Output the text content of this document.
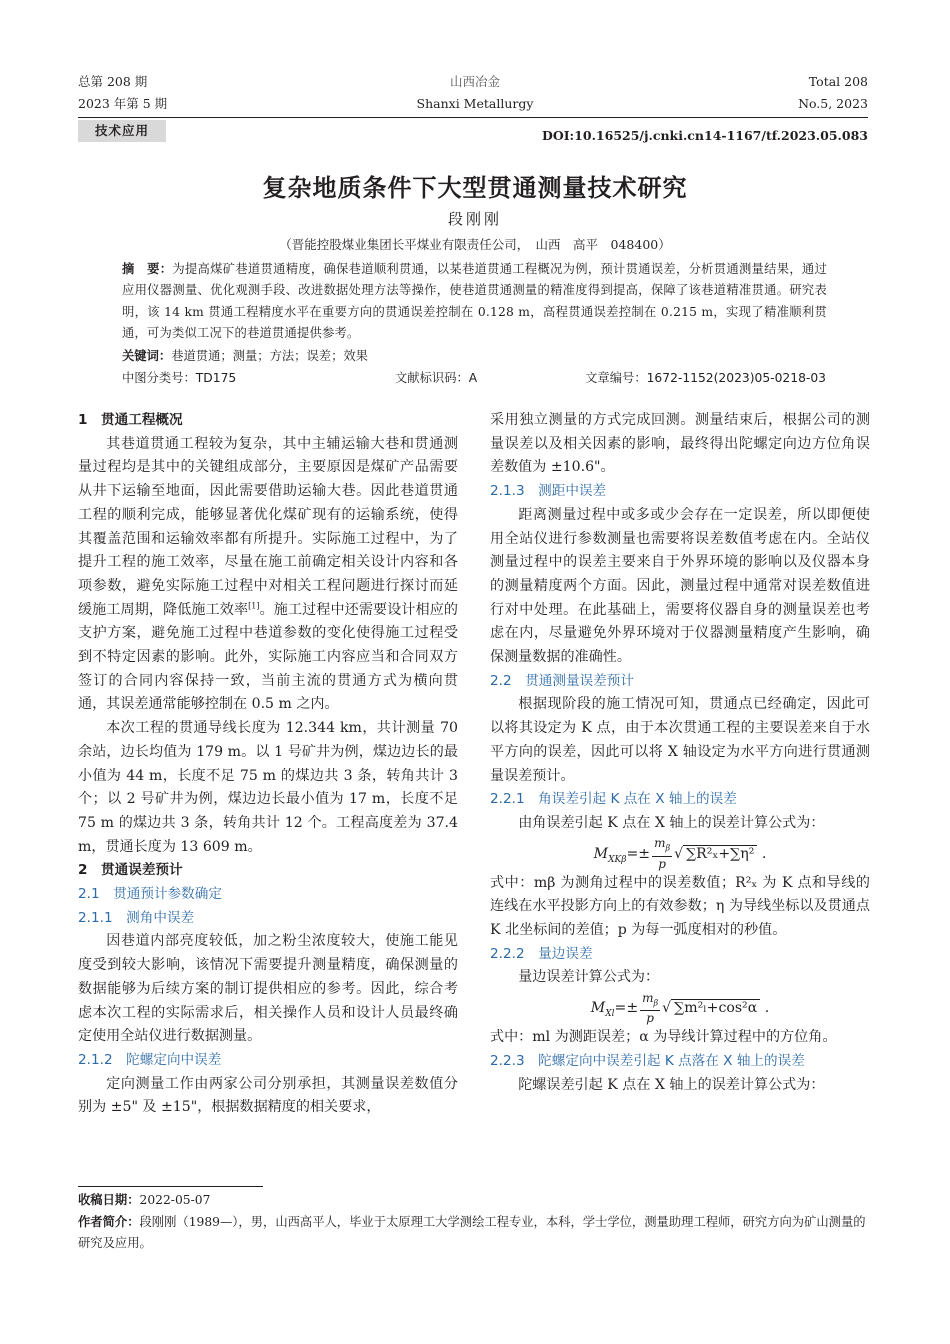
总第 208 期
2023 年第 5 期
山西冶金
Shanxi Metallurgy
Total 208
No.5, 2023
技术应用	DOI:10.16525/j.cnki.cn14-1167/tf.2023.05.083
复杂地质条件下大型贯通测量技术研究
段刚刚
（晋能控股煤业集团长平煤业有限责任公司，　山西　高平　048400）
摘　要：为提高煤矿巷道贯通精度，确保巷道顺利贯通，以某巷道贯通工程概况为例，预计贯通误差，分析贯通测量结果，通过应用仪器测量、优化观测手段、改进数据处理方法等操作，使巷道贯通测量的精准度得到提高，保障了该巷道精准贯通。研究表明，该 14 km 贯通工程精度水平在重要方向的贯通误差控制在 0.128 m，高程贯通误差控制在 0.215 m，实现了精准顺利贯通，可为类似工况下的巷道贯通提供参考。
关键词：巷道贯通；测量；方法；误差；效果
中图分类号：TD175	文献标识码：A	文章编号：1672-1152(2023)05-0218-03

1　贯通工程概况

其巷道贯通工程较为复杂，其中主辅运输大巷和贯通测量过程均是其中的关键组成部分，主要原因是煤矿产品需要从井下运输至地面，因此需要借助运输大巷。因此巷道贯通工程的顺利完成，能够显著优化煤矿现有的运输系统，使得其覆盖范围和运输效率都有所提升。实际施工过程中，为了提升工程的施工效率，尽量在施工前确定相关设计内容和各项参数，避免实际施工过程中对相关工程问题进行探讨而延缓施工周期，降低施工效率[1]。施工过程中还需要设计相应的支护方案，避免施工过程中巷道参数的变化使得施工过程受到不特定因素的影响。此外，实际施工内容应当和合同双方签订的合同内容保持一致，当前主流的贯通方式为横向贯通，其误差通常能够控制在 0.5 m 之内。

本次工程的贯通导线长度为 12.344 km，共计测量 70 余站，边长均值为 179 m。以 1 号矿井为例，煤边边长的最小值为 44 m，长度不足 75 m 的煤边共 3 条，转角共计 3 个；以 2 号矿井为例，煤边边长最小值为 17 m，长度不足 75 m 的煤边共 3 条，转角共计 12 个。工程高度差为 37.4 m，贯通长度为 13 609 m。

2　贯通误差预计

2.1　贯通预计参数确定

2.1.1　测角中误差

因巷道内部亮度较低，加之粉尘浓度较大，使施工能见度受到较大影响，该情况下需要提升测量精度，确保测量的数据能够为后续方案的制订提供相应的参考。因此，综合考虑本次工程的实际需求后，相关操作人员和设计人员最终确定使用全站仪进行数据测量。

2.1.2　陀螺定向中误差

定向测量工作由两家公司分别承担，其测量误差数值分别为 ±5" 及 ±15"，根据数据精度的相关要求，

采用独立测量的方式完成回测。测量结束后，根据公司的测量误差以及相关因素的影响，最终得出陀螺定向边方位角误差数值为 ±10.6"。

2.1.3　测距中误差

距离测量过程中或多或少会存在一定误差，所以即便使用全站仪进行参数测量也需要将误差数值考虑在内。全站仪测量过程中的误差主要来自于外界环境的影响以及仪器本身的测量精度两个方面。因此，测量过程中通常对误差数值进行对中处理。在此基础上，需要将仪器自身的测量误差也考虑在内，尽量避免外界环境对于仪器测量精度产生影响，确保测量数据的准确性。

2.2　贯通测量误差预计

根据现阶段的施工情况可知，贯通点已经确定，因此可以将其设定为 K 点，由于本次贯通工程的主要误差来自于水平方向的误差，因此可以将 X 轴设定为水平方向进行贯通测量误差预计。

2.2.1　角误差引起 K 点在 X 轴上的误差

由角误差引起 K 点在 X 轴上的误差计算公式为：

$M_{XK\beta}=\pm \frac{m_\beta}{p}$ √ ∑R²ₓ+∑η² .

式中：mβ 为测角过程中的误差数值；R²ₓ 为 K 点和导线的连线在水平投影方向上的有效参数；η 为导线坐标以及贯通点 K 北坐标间的差值；p 为每一弧度相对的秒值。

2.2.2　量边误差

量边误差计算公式为：

$M_{Xl}=\pm \frac{m_\beta}{p}$ √ ∑m²ₗ+cos²α .

式中：ml 为测距误差；α 为导线计算过程中的方位角。

2.2.3　陀螺定向中误差引起 K 点落在 X 轴上的误差

陀螺误差引起 K 点在 X 轴上的误差计算公式为：

收稿日期：2022-05-07
作者简介：段刚刚（1989—），男，山西高平人，毕业于太原理工大学测绘工程专业，本科，学士学位，测量助理工程师，研究方向为矿山测量的研究及应用。
